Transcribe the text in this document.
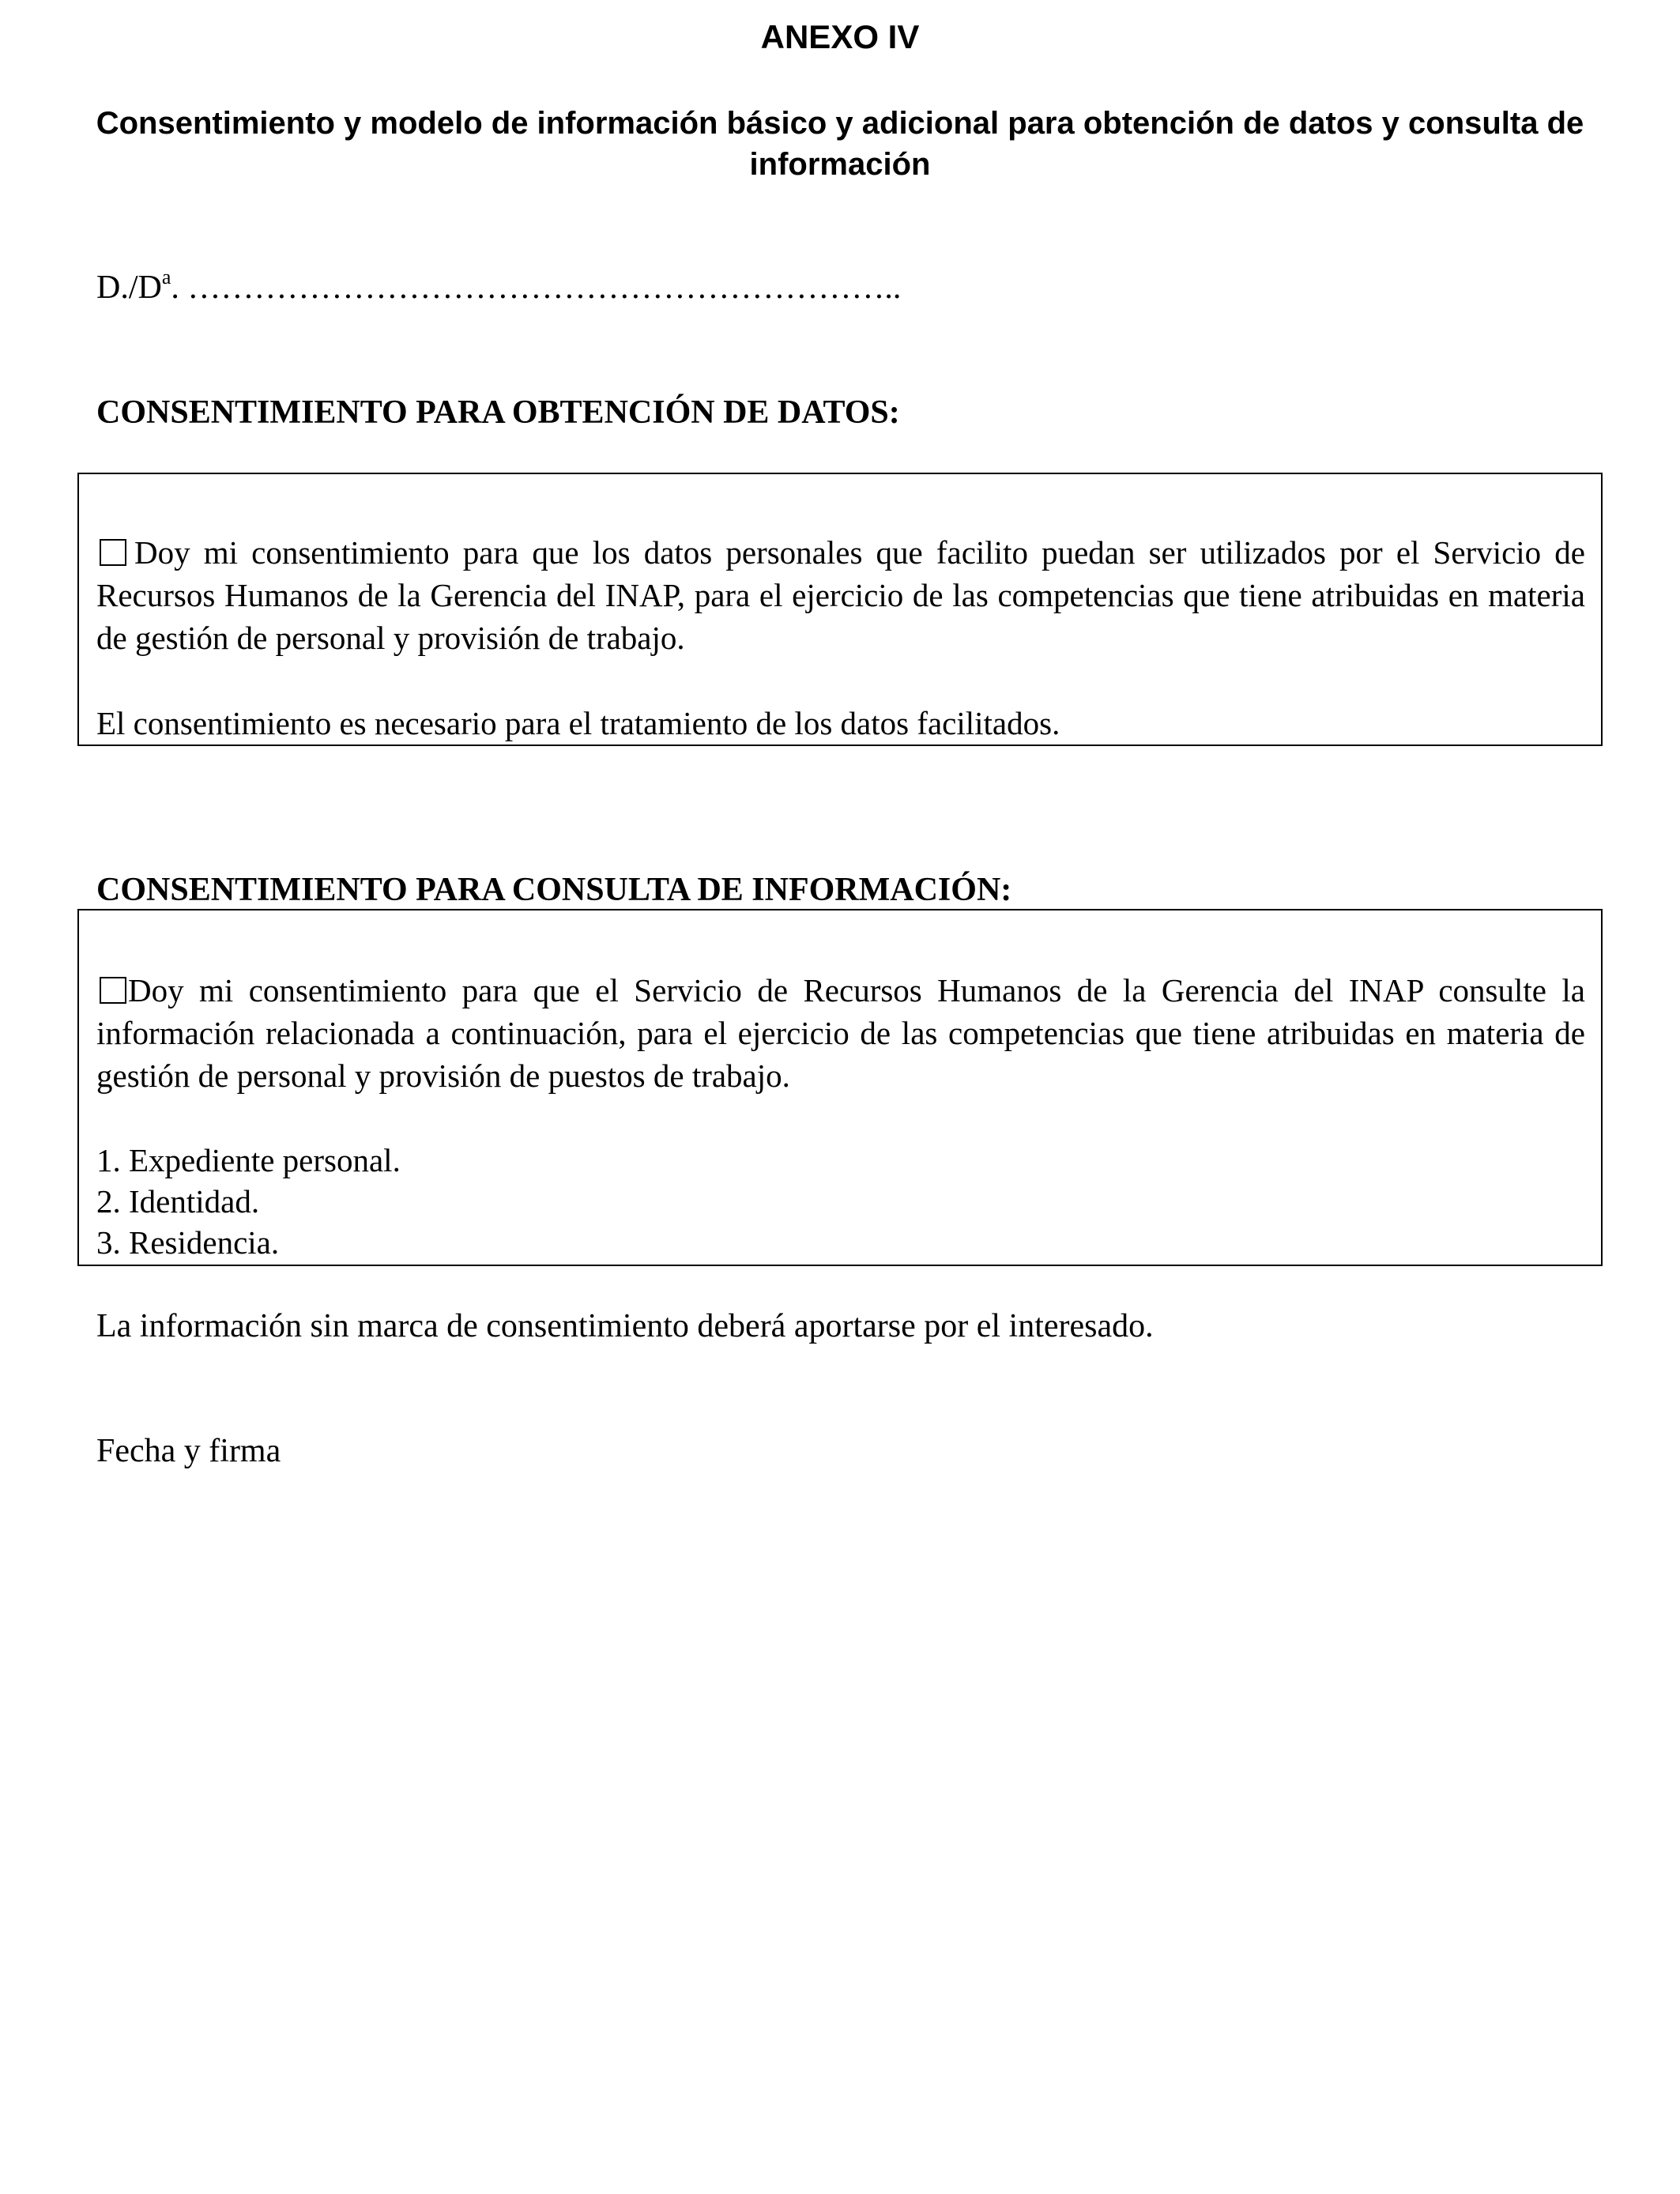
ANEXO IV
Consentimiento y modelo de información básico y adicional para obtención de datos y consulta de información
$D./D^a$. ………………………………………………………..
CONSENTIMIENTO PARA OBTENCIÓN DE DATOS:
Doy mi consentimiento para que los datos personales que facilito puedan ser utilizados por el Servicio de Recursos Humanos de la Gerencia del INAP, para el ejercicio de las competencias que tiene atribuidas en materia de gestión de personal y provisión de trabajo.
El consentimiento es necesario para el tratamiento de los datos facilitados.
CONSENTIMIENTO PARA CONSULTA DE INFORMACIÓN:
Doy mi consentimiento para que el Servicio de Recursos Humanos de la Gerencia del INAP consulte la información relacionada a continuación, para el ejercicio de las competencias que tiene atribuidas en materia de gestión de personal y provisión de puestos de trabajo.
1. Expediente personal.
2. Identidad.
3. Residencia.
La información sin marca de consentimiento deberá aportarse por el interesado.
Fecha y firma
